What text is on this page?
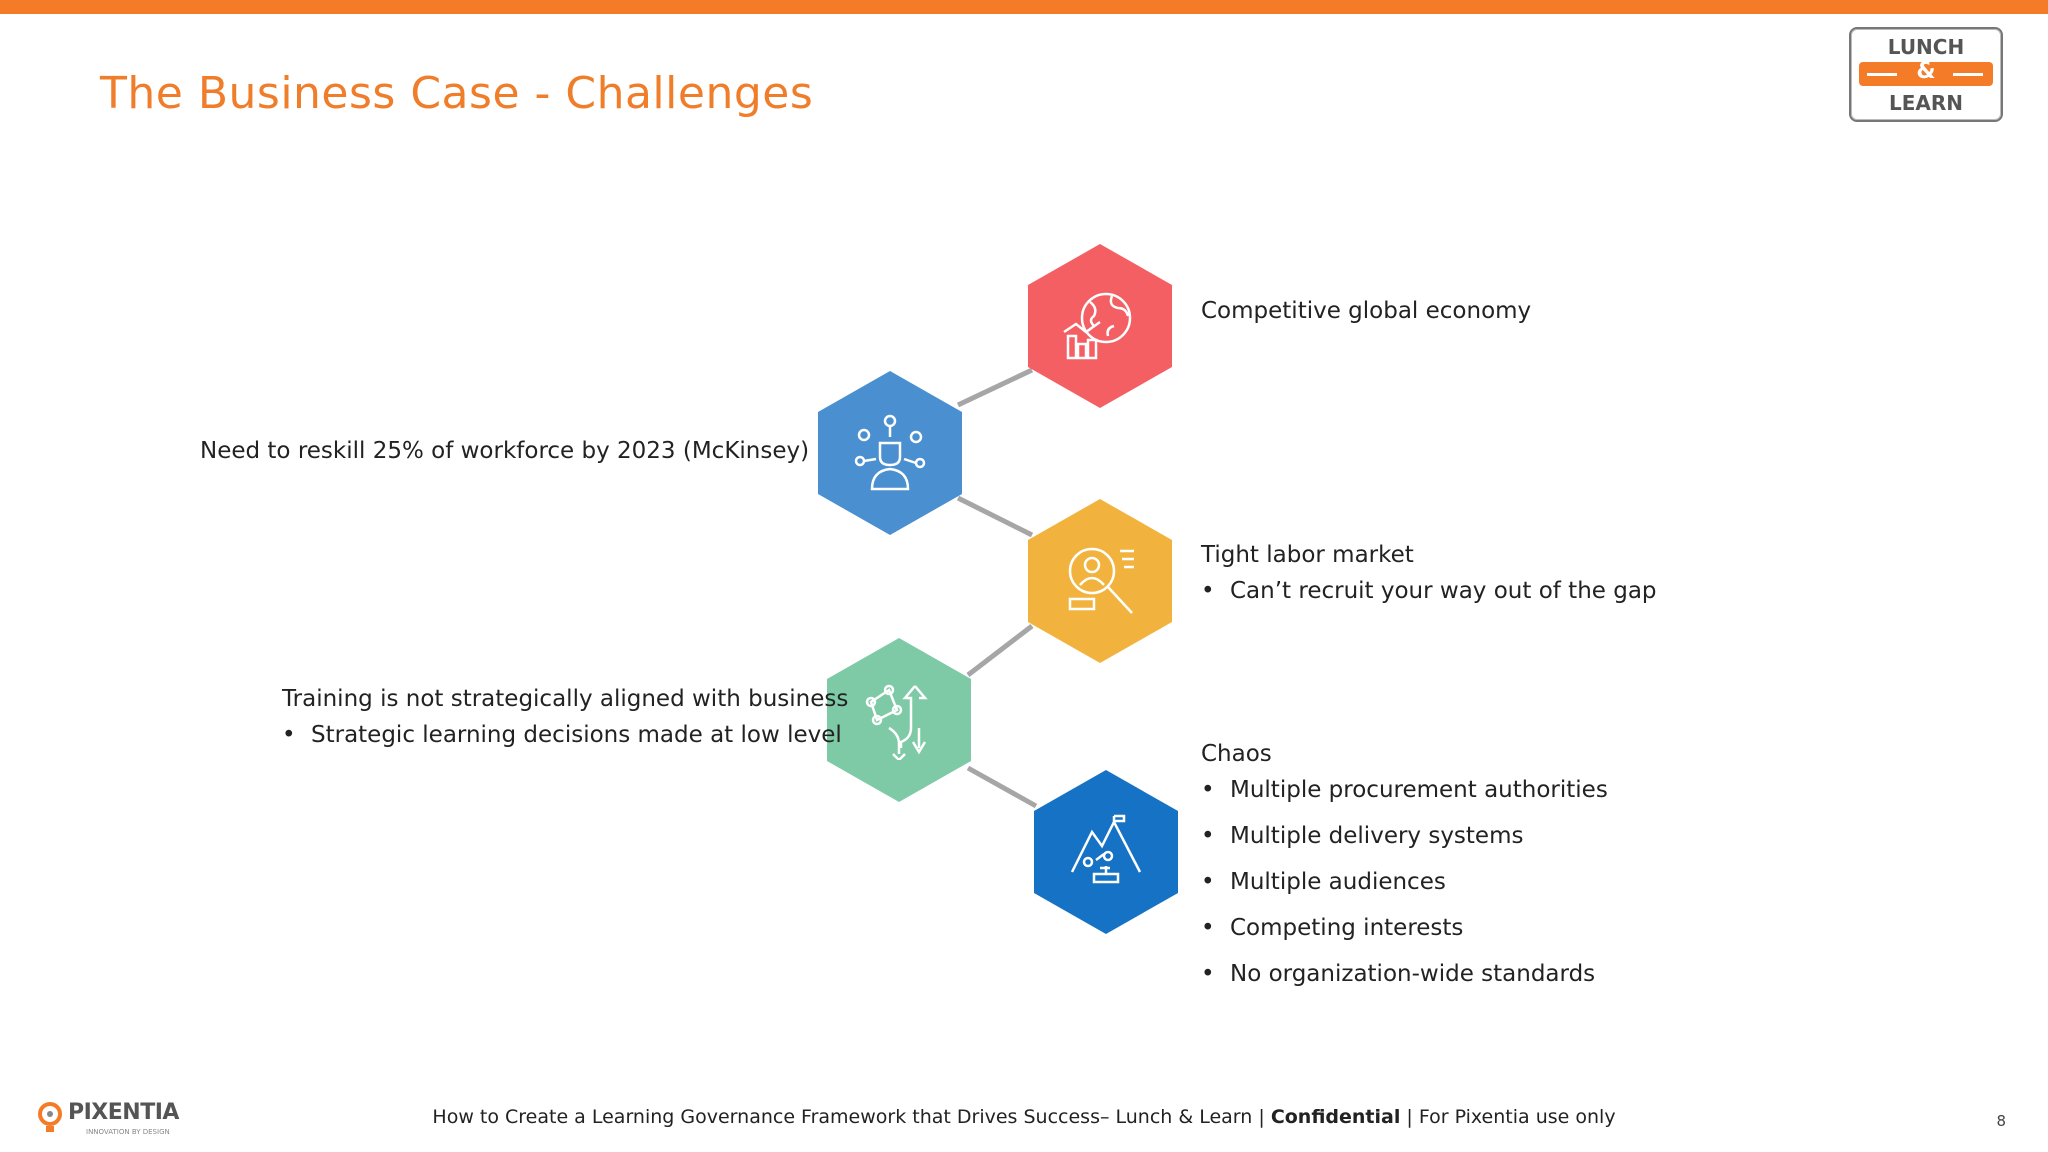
The Business Case - Challenges
LUNCH
&
LEARN
Competitive global economy
Need to reskill 25% of workforce by 2023 (McKinsey)
Tight labor market
• Can’t recruit your way out of the gap
Training is not strategically aligned with business
• Strategic learning decisions made at low level
Chaos
• Multiple procurement authorities
• Multiple delivery systems
• Multiple audiences
• Competing interests
• No organization-wide standards
PIXENTIA
INNOVATION BY DESIGN
How to Create a Learning Governance Framework that Drives Success– Lunch & Learn | Confidential | For Pixentia use only	8
